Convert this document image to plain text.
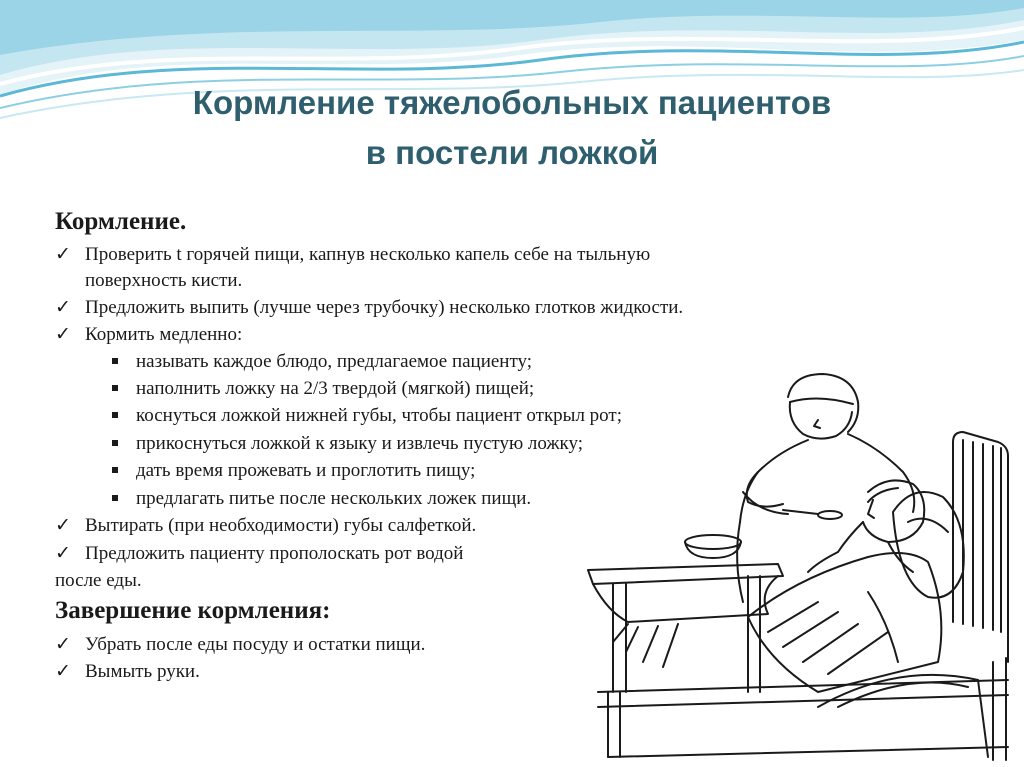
Кормление тяжелобольных пациентов
в постели ложкой
Кормление.
✓ Проверить t горячей пищи, капнув несколько капель себе на тыльную
поверхность кисти.
✓ Предложить выпить (лучше через трубочку) несколько глотков жидкости.
✓ Кормить медленно:
называть каждое блюдо, предлагаемое пациенту;
наполнить ложку на 2/3 твердой (мягкой) пищей;
коснуться ложкой нижней губы, чтобы пациент открыл рот;
прикоснуться ложкой к языку и извлечь пустую ложку;
дать время прожевать и проглотить пищу;
предлагать питье после нескольких ложек пищи.
✓ Вытирать (при необходимости) губы салфеткой.
✓ Предложить пациенту прополоскать рот водой
после еды.
Завершение кормления:
✓ Убрать после еды посуду и остатки пищи.
✓ Вымыть руки.
